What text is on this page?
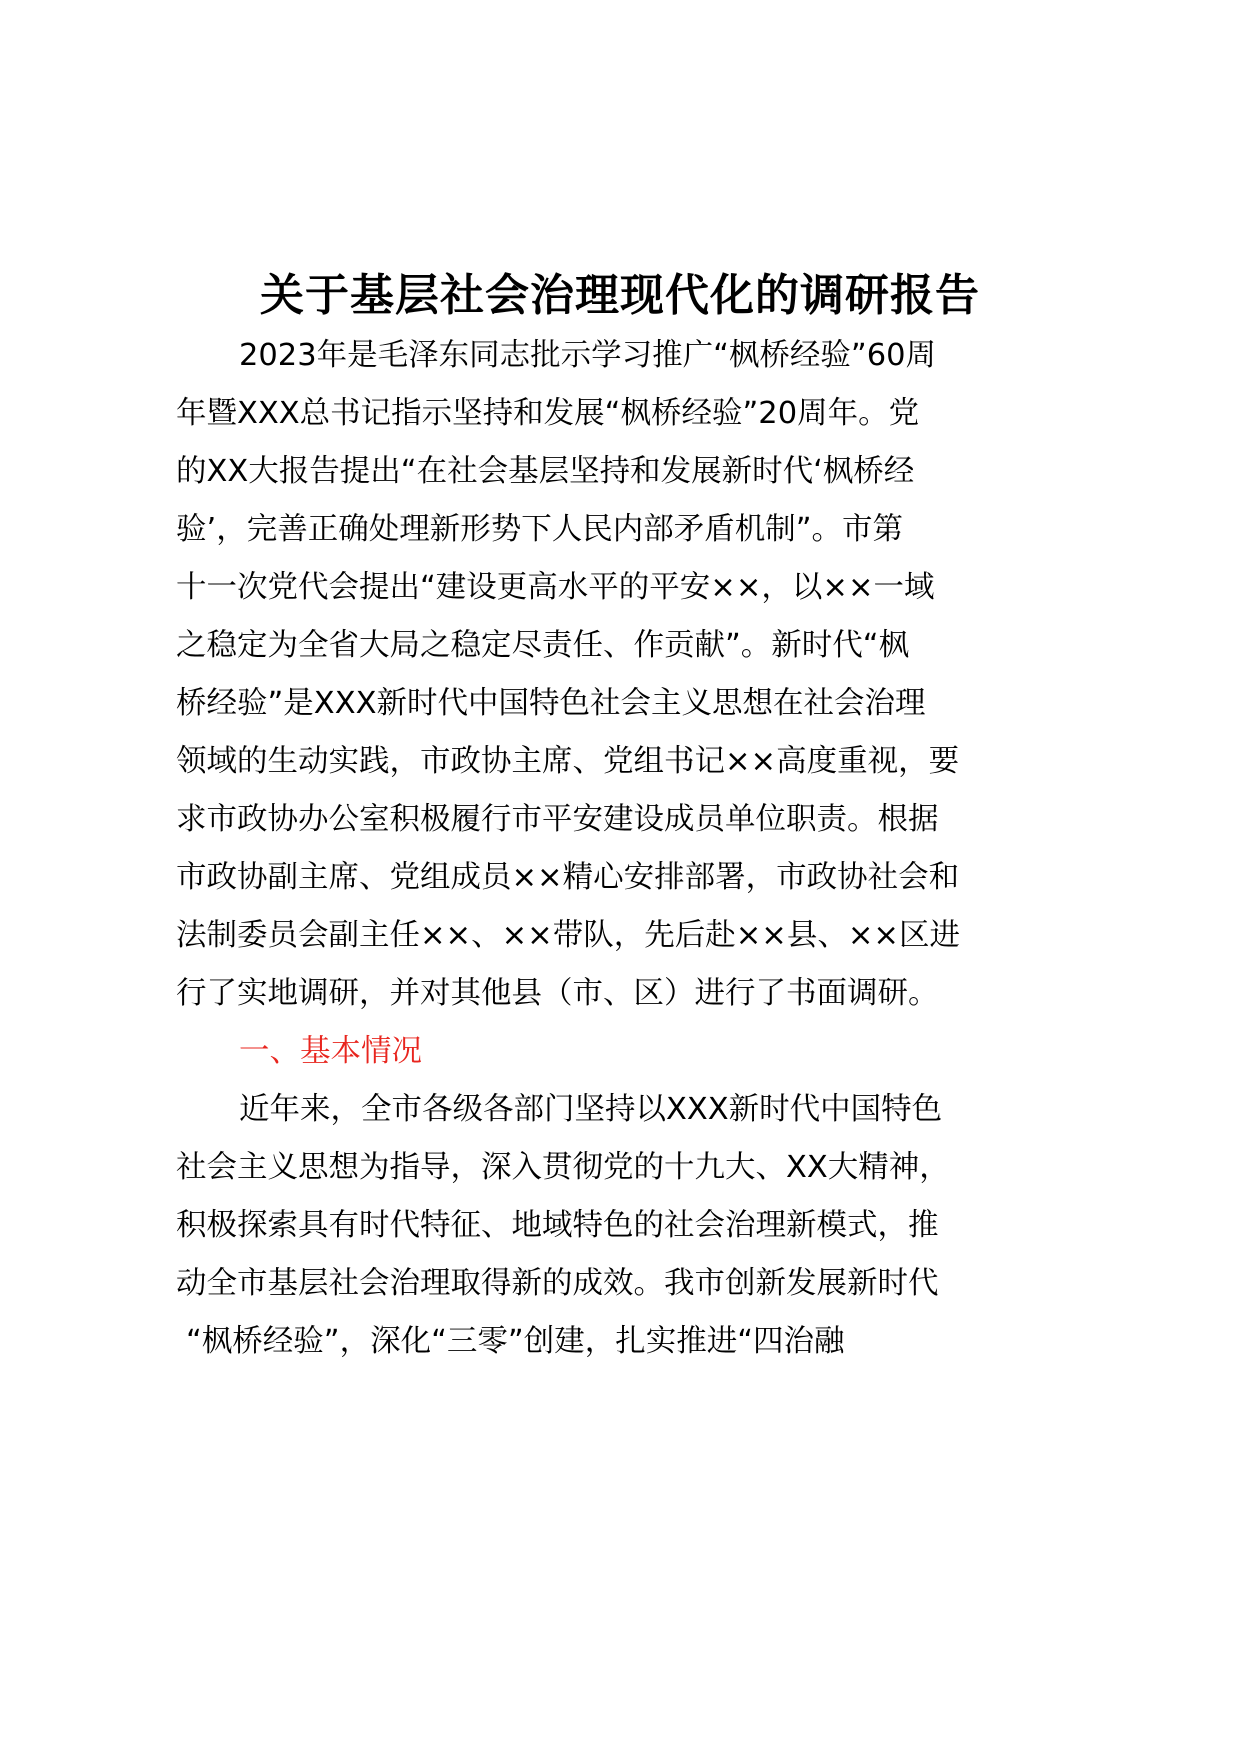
关于基层社会治理现代化的调研报告
2023年是毛泽东同志批示学习推广“枫桥经验”60周
年暨XXX总书记指示坚持和发展“枫桥经验”20周年。党
的XX大报告提出“在社会基层坚持和发展新时代‘枫桥经
验’，完善正确处理新形势下人民内部矛盾机制”。市第
十一次党代会提出“建设更高水平的平安××，以××一域
之稳定为全省大局之稳定尽责任、作贡献”。新时代“枫
桥经验”是XXX新时代中国特色社会主义思想在社会治理
领域的生动实践，市政协主席、党组书记××高度重视，要
求市政协办公室积极履行市平安建设成员单位职责。根据
市政协副主席、党组成员××精心安排部署，市政协社会和
法制委员会副主任××、××带队，先后赴××县、××区进
行了实地调研，并对其他县（市、区）进行了书面调研。
一、基本情况
近年来，全市各级各部门坚持以XXX新时代中国特色
社会主义思想为指导，深入贯彻党的十九大、XX大精神，
积极探索具有时代特征、地域特色的社会治理新模式，推
动全市基层社会治理取得新的成效。我市创新发展新时代
“枫桥经验”，深化“三零”创建，扎实推进“四治融
